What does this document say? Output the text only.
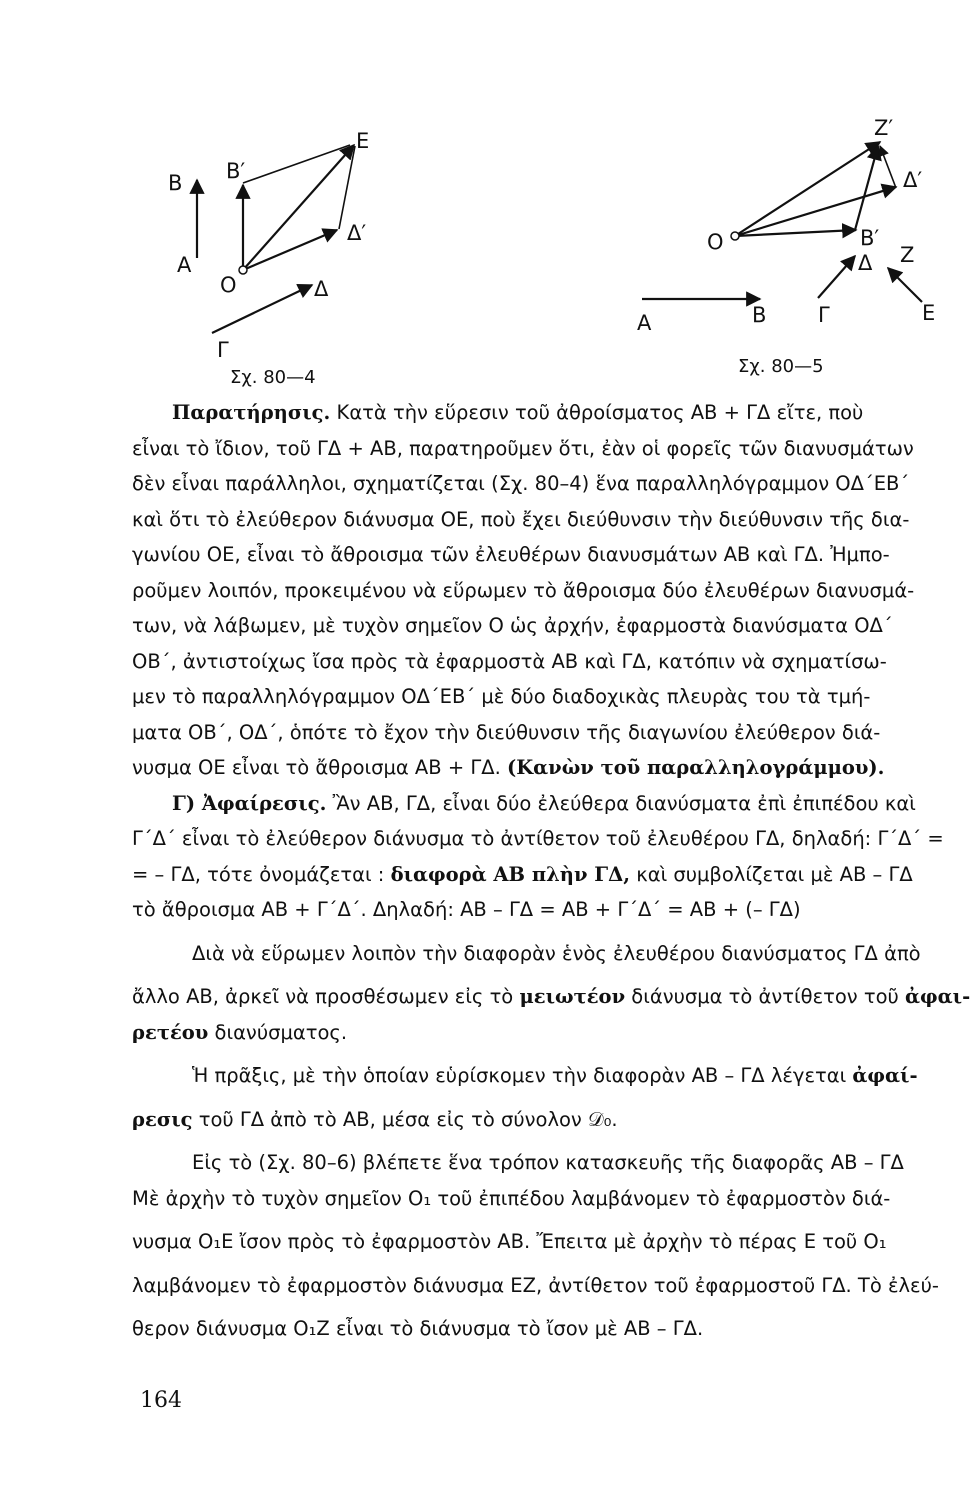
Β Β′
Ε
Δ′
Α
Ο	Δ
Γ
Σχ. 80—4
Ζ′
Δ′
Ο	Β′
Δ Ζ
Α	Β Γ	Ε
Σχ. 80—5
Παρατήρησις. Κατὰ τὴν εὕρεσιν τοῦ ἀθροίσματος AB + ΓΔ εἴτε, ποὺ
εἶναι τὸ ἴδιον, τοῦ ΓΔ + AB, παρατηροῦμεν ὅτι, ἐὰν οἱ φορεῖς τῶν διανυσμάτων
δὲν εἶναι παράλληλοι, σχηματίζεται (Σχ. 80–4) ἕνα παραλληλόγραμμον ΟΔ΄ΕΒ΄
καὶ ὅτι τὸ ἐλεύθερον διάνυσμα ΟΕ, ποὺ ἔχει διεύθυνσιν τὴν διεύθυνσιν τῆς δια-
γωνίου ΟΕ, εἶναι τὸ ἄθροισμα τῶν ἐλευθέρων διανυσμάτων AB καὶ ΓΔ. Ἠμπο-
ροῦμεν λοιπόν, προκειμένου νὰ εὕρωμεν τὸ ἄθροισμα δύο ἐλευθέρων διανυσμά-
των, νὰ λάβωμεν, μὲ τυχὸν σημεῖον Ο ὡς ἀρχήν, ἐφαρμοστὰ διανύσματα ΟΔ΄
ΟΒ΄, ἀντιστοίχως ἴσα πρὸς τὰ ἐφαρμοστὰ AB καὶ ΓΔ, κατόπιν νὰ σχηματίσω-
μεν τὸ παραλληλόγραμμον ΟΔ΄ΕΒ΄ μὲ δύο διαδοχικὰς πλευρὰς του τὰ τμή-
ματα ΟΒ΄, ΟΔ΄, ὁπότε τὸ ἔχον τὴν διεύθυνσιν τῆς διαγωνίου ἐλεύθερον διά-
νυσμα ΟΕ εἶναι τὸ ἄθροισμα AB + ΓΔ. (Κανὼν τοῦ παραλληλογράμμου).
Γ) Ἀφαίρεσις. Ἂν AB, ΓΔ, εἶναι δύο ἐλεύθερα διανύσματα ἐπὶ ἐπιπέδου καὶ
Γ΄Δ΄ εἶναι τὸ ἐλεύθερον διάνυσμα τὸ ἀντίθετον τοῦ ἐλευθέρου ΓΔ, δηλαδή: Γ΄Δ΄ =
= – ΓΔ, τότε ὀνομάζεται : διαφορὰ AB πλὴν ΓΔ, καὶ συμβολίζεται μὲ AB – ΓΔ
τὸ ἄθροισμα AB + Γ΄Δ΄. Δηλαδή: AB – ΓΔ = AB + Γ΄Δ΄ = AB + (– ΓΔ)
Διὰ νὰ εὕρωμεν λοιπὸν τὴν διαφορὰν ἑνὸς ἐλευθέρου διανύσματος ΓΔ ἀπὸ
ἄλλο AB, ἀρκεῖ νὰ προσθέσωμεν εἰς τὸ μειωτέον διάνυσμα τὸ ἀντίθετον τοῦ ἀφαι-
ρετέου διανύσματος.
Ἡ πρᾶξις, μὲ τὴν ὁποίαν εὑρίσκομεν τὴν διαφορὰν AB – ΓΔ λέγεται ἀφαί-
ρεσις τοῦ ΓΔ ἀπὸ τὸ AB, μέσα εἰς τὸ σύνολον 𝒟₀.
Εἰς τὸ (Σχ. 80–6) βλέπετε ἕνα τρόπον κατασκευῆς τῆς διαφορᾶς AB – ΓΔ
Μὲ ἀρχὴν τὸ τυχὸν σημεῖον Ο₁ τοῦ ἐπιπέδου λαμβάνομεν τὸ ἐφαρμοστὸν διά-
νυσμα Ο₁Ε ἴσον πρὸς τὸ ἐφαρμοστὸν AB. Ἔπειτα μὲ ἀρχὴν τὸ πέρας Ε τοῦ Ο₁
λαμβάνομεν τὸ ἐφαρμοστὸν διάνυσμα ΕΖ, ἀντίθετον τοῦ ἐφαρμοστοῦ ΓΔ. Τὸ ἐλεύ-
θερον διάνυσμα Ο₁Ζ εἶναι τὸ διάνυσμα τὸ ἴσον μὲ AB – ΓΔ.
164
